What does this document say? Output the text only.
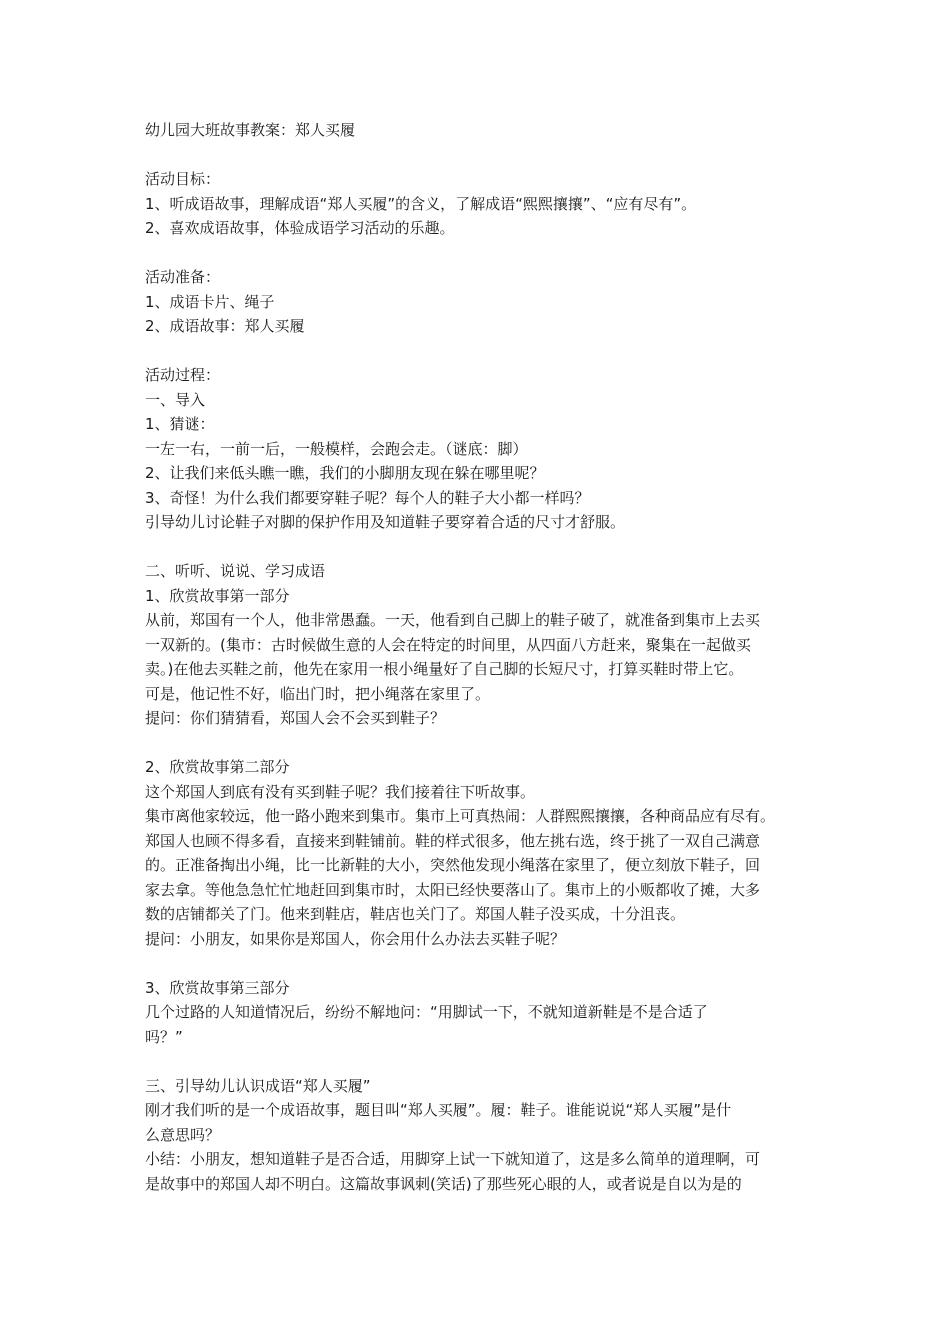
幼儿园大班故事教案：郑人买履

活动目标：

1、听成语故事，理解成语“郑人买履”的含义，了解成语“熙熙攘攘”、“应有尽有”。

2、喜欢成语故事，体验成语学习活动的乐趣。

活动准备：

1、成语卡片、绳子

2、成语故事：郑人买履

活动过程：

一、导入

1、猜谜：

一左一右，一前一后，一般模样，会跑会走。（谜底：脚）

2、让我们来低头瞧一瞧，我们的小脚朋友现在躲在哪里呢？

3、奇怪！为什么我们都要穿鞋子呢？每个人的鞋子大小都一样吗？

引导幼儿讨论鞋子对脚的保护作用及知道鞋子要穿着合适的尺寸才舒服。

二、听听、说说、学习成语

1、欣赏故事第一部分

从前，郑国有一个人，他非常愚蠢。一天，他看到自己脚上的鞋子破了，就准备到集市上去买

一双新的。(集市：古时候做生意的人会在特定的时间里，从四面八方赶来，聚集在一起做买

卖。)在他去买鞋之前，他先在家用一根小绳量好了自己脚的长短尺寸，打算买鞋时带上它。

可是，他记性不好，临出门时，把小绳落在家里了。

提问：你们猜猜看，郑国人会不会买到鞋子？

2、欣赏故事第二部分

这个郑国人到底有没有买到鞋子呢？我们接着往下听故事。

集市离他家较远，他一路小跑来到集市。集市上可真热闹：人群熙熙攘攘，各种商品应有尽有。

郑国人也顾不得多看，直接来到鞋铺前。鞋的样式很多，他左挑右选，终于挑了一双自己满意

的。正准备掏出小绳，比一比新鞋的大小，突然他发现小绳落在家里了，便立刻放下鞋子，回

家去拿。等他急急忙忙地赶回到集市时，太阳已经快要落山了。集市上的小贩都收了摊，大多

数的店铺都关了门。他来到鞋店，鞋店也关门了。郑国人鞋子没买成，十分沮丧。

提问：小朋友，如果你是郑国人，你会用什么办法去买鞋子呢？

3、欣赏故事第三部分

几个过路的人知道情况后，纷纷不解地问：“用脚试一下，不就知道新鞋是不是合适了

吗？”

三、引导幼儿认识成语“郑人买履”

刚才我们听的是一个成语故事，题目叫“郑人买履”。履：鞋子。谁能说说“郑人买履”是什

么意思吗？

小结：小朋友，想知道鞋子是否合适，用脚穿上试一下就知道了，这是多么简单的道理啊，可

是故事中的郑国人却不明白。这篇故事讽刺(笑话)了那些死心眼的人，或者说是自以为是的
